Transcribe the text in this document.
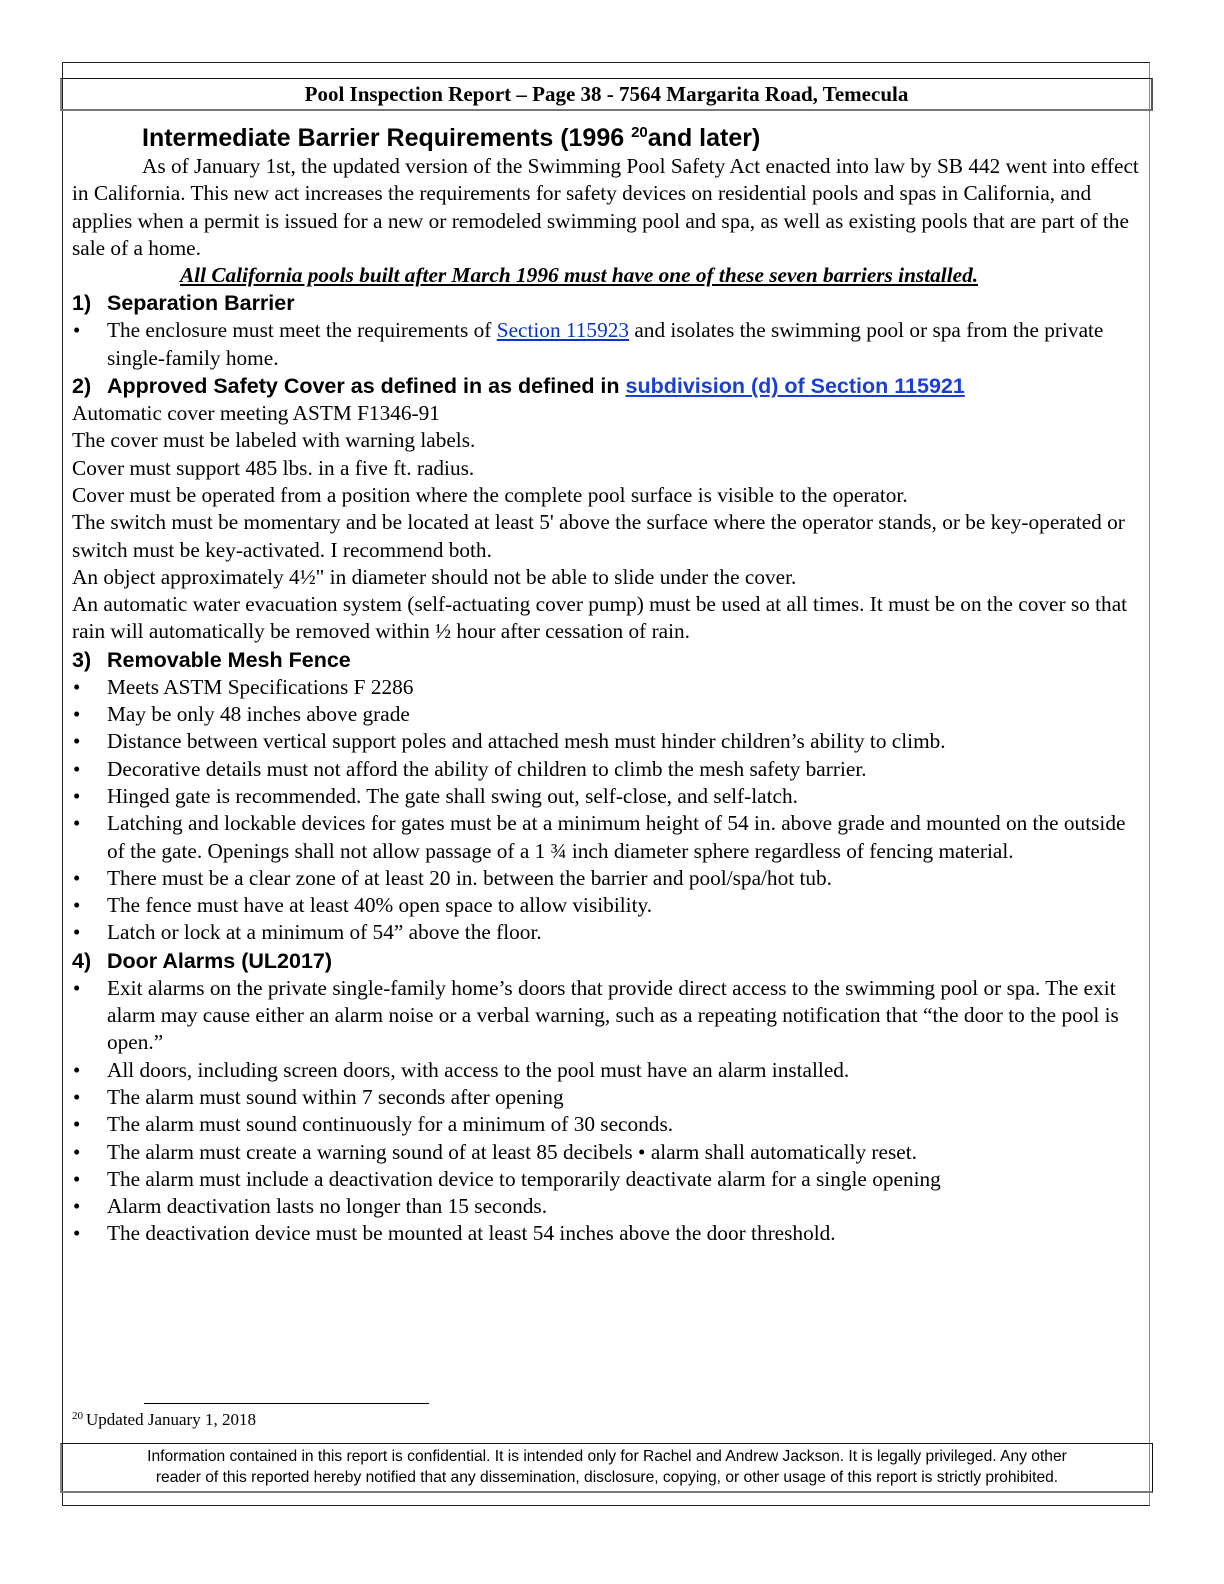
Pool Inspection Report – Page 38 - 7564 Margarita Road, Temecula
Intermediate Barrier Requirements (1996 $^{20}$and later)

As of January 1st, the updated version of the Swimming Pool Safety Act enacted into law by SB 442 went into effect in California. This new act increases the requirements for safety devices on residential pools and spas in California, and applies when a permit is issued for a new or remodeled swimming pool and spa, as well as existing pools that are part of the sale of a home.

All California pools built after March 1996 must have one of these seven barriers installed.

1) Separation Barrier
• The enclosure must meet the requirements of Section 115923 and isolates the swimming pool or spa from the private single-family home.
2) Approved Safety Cover as defined in as defined in subdivision (d) of Section 115921

Automatic cover meeting ASTM F1346-91

The cover must be labeled with warning labels.

Cover must support 485 lbs. in a five ft. radius.

Cover must be operated from a position where the complete pool surface is visible to the operator.

The switch must be momentary and be located at least 5' above the surface where the operator stands, or be key-operated or switch must be key-activated. I recommend both.

An object approximately 4½" in diameter should not be able to slide under the cover.

An automatic water evacuation system (self-actuating cover pump) must be used at all times. It must be on the cover so that rain will automatically be removed within ½ hour after cessation of rain.

3) Removable Mesh Fence
• Meets ASTM Specifications F 2286
• May be only 48 inches above grade
• Distance between vertical support poles and attached mesh must hinder children’s ability to climb.
• Decorative details must not afford the ability of children to climb the mesh safety barrier.
• Hinged gate is recommended. The gate shall swing out, self-close, and self-latch.
• Latching and lockable devices for gates must be at a minimum height of 54 in. above grade and mounted on the outside of the gate. Openings shall not allow passage of a 1 ¾ inch diameter sphere regardless of fencing material.
• There must be a clear zone of at least 20 in. between the barrier and pool/spa/hot tub.
• The fence must have at least 40% open space to allow visibility.
• Latch or lock at a minimum of 54” above the floor.
4) Door Alarms (UL2017)
• Exit alarms on the private single-family home’s doors that provide direct access to the swimming pool or spa. The exit alarm may cause either an alarm noise or a verbal warning, such as a repeating notification that “the door to the pool is open.”
• All doors, including screen doors, with access to the pool must have an alarm installed.
• The alarm must sound within 7 seconds after opening
• The alarm must sound continuously for a minimum of 30 seconds.
• The alarm must create a warning sound of at least 85 decibels • alarm shall automatically reset.
• The alarm must include a deactivation device to temporarily deactivate alarm for a single opening
• Alarm deactivation lasts no longer than 15 seconds.
• The deactivation device must be mounted at least 54 inches above the door threshold.
$^{20}$ Updated January 1, 2018
Information contained in this report is confidential. It is intended only for Rachel and Andrew Jackson. It is legally privileged. Any other
reader of this reported hereby notified that any dissemination, disclosure, copying, or other usage of this report is strictly prohibited.
